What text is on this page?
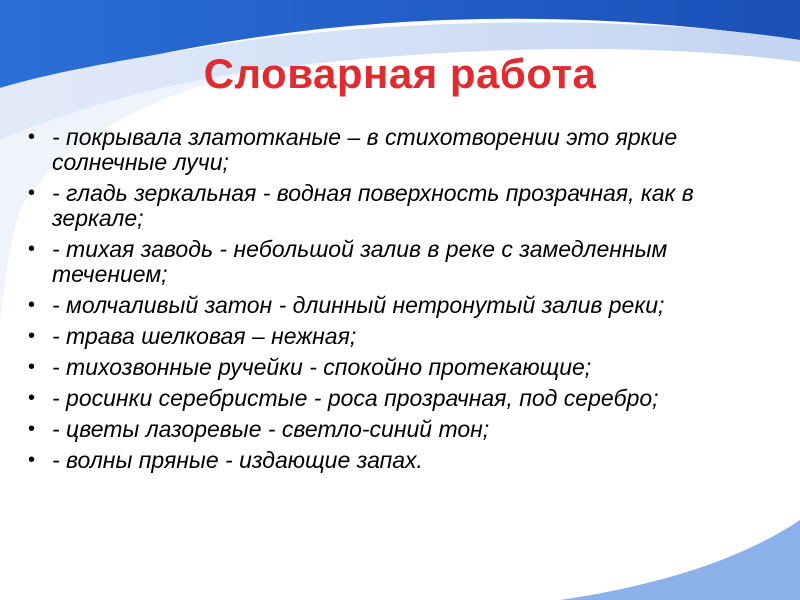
Словарная работа
• - покрывала златотканые – в стихотворении это яркие солнечные лучи;
• - гладь зеркальная - водная поверхность прозрачная, как в зеркале;
• - тихая заводь - небольшой залив в реке с замедленным течением;
• - молчаливый затон - длинный нетронутый залив реки;
• - трава шелковая – нежная;
• - тихозвонные ручейки - спокойно протекающие;
• - росинки серебристые - роса прозрачная, под серебро;
• - цветы лазоревые - светло-синий тон;
• - волны пряные - издающие запах.
